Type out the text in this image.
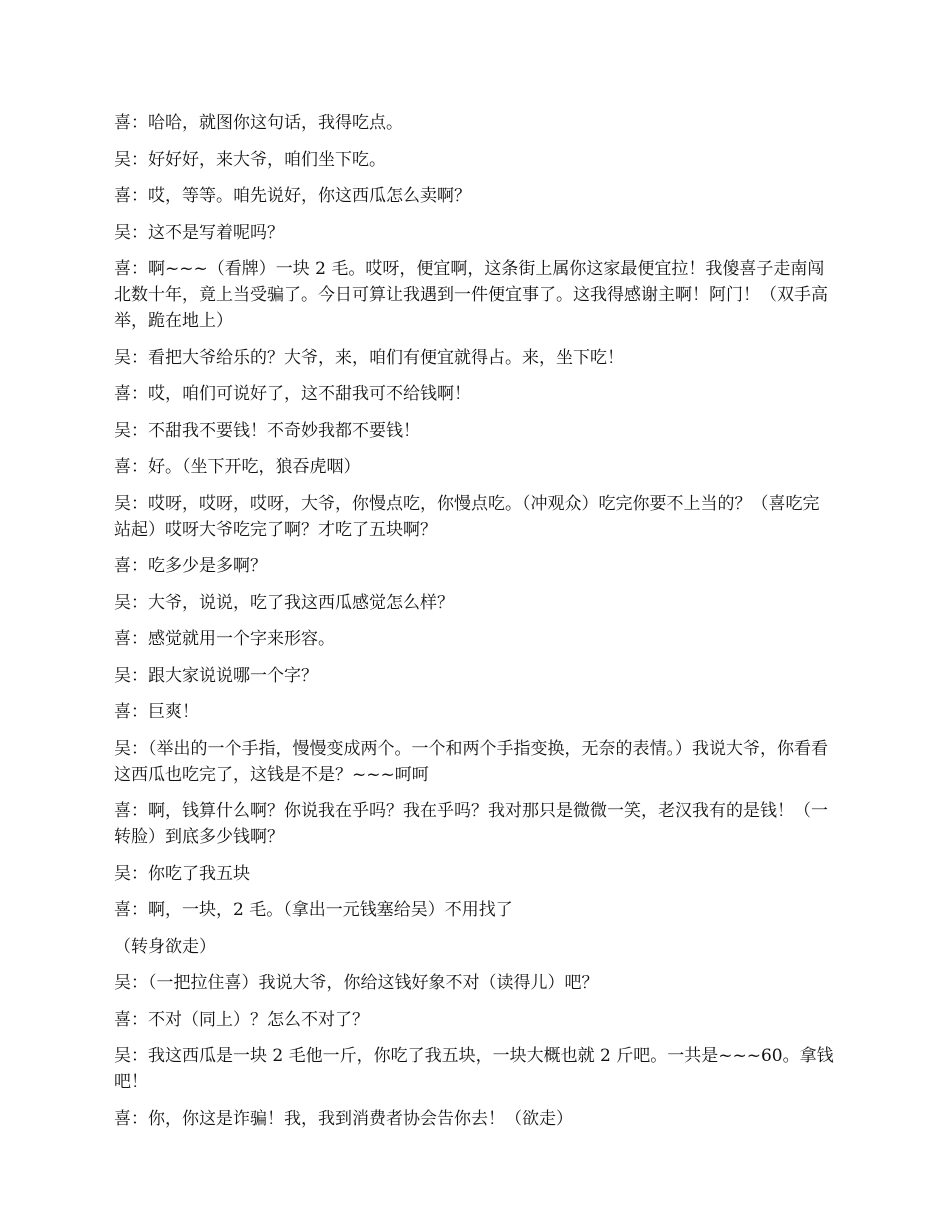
喜：哈哈，就图你这句话，我得吃点。

吴：好好好，来大爷，咱们坐下吃。

喜：哎，等等。咱先说好，你这西瓜怎么卖啊？

吴：这不是写着呢吗？

喜：啊~~~（看牌）一块 2 毛。哎呀，便宜啊，这条街上属你这家最便宜拉！我傻喜子走南闯北数十年，竟上当受骗了。今日可算让我遇到一件便宜事了。这我得感谢主啊！阿门！（双手高举，跪在地上）

吴：看把大爷给乐的？大爷，来，咱们有便宜就得占。来，坐下吃！

喜：哎，咱们可说好了，这不甜我可不给钱啊！

吴：不甜我不要钱！不奇妙我都不要钱！

喜：好。（坐下开吃，狼吞虎咽）

吴：哎呀，哎呀，哎呀，大爷，你慢点吃，你慢点吃。（冲观众）吃完你要不上当的？（喜吃完站起）哎呀大爷吃完了啊？才吃了五块啊？

喜：吃多少是多啊？

吴：大爷，说说，吃了我这西瓜感觉怎么样？

喜：感觉就用一个字来形容。

吴：跟大家说说哪一个字？

喜：巨爽！

吴：（举出的一个手指，慢慢变成两个。一个和两个手指变换，无奈的表情。）我说大爷，你看看这西瓜也吃完了，这钱是不是？~~~呵呵

喜：啊，钱算什么啊？你说我在乎吗？我在乎吗？我对那只是微微一笑，老汉我有的是钱！（一转脸）到底多少钱啊？

吴：你吃了我五块

喜：啊，一块，2 毛。（拿出一元钱塞给吴）不用找了

（转身欲走）

吴：（一把拉住喜）我说大爷，你给这钱好象不对（读得儿）吧？

喜：不对（同上）？怎么不对了？

吴：我这西瓜是一块 2 毛他一斤，你吃了我五块，一块大概也就 2 斤吧。一共是~~~60。拿钱吧！

喜：你，你这是诈骗！我，我到消费者协会告你去！（欲走）
